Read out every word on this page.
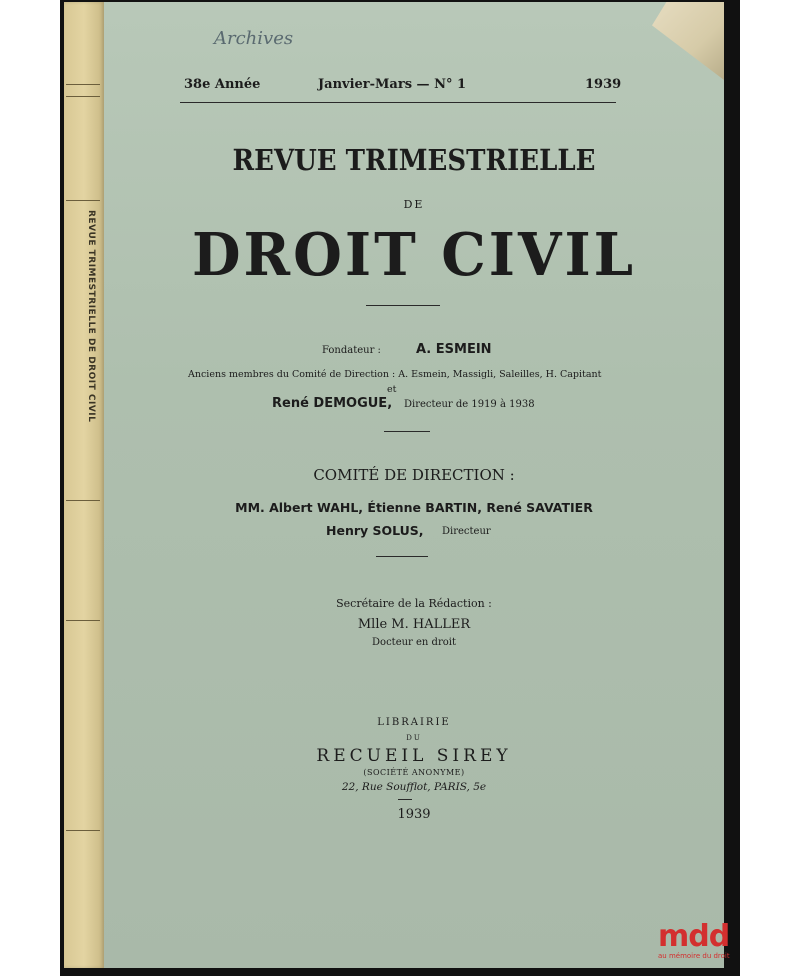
REVUE TRIMESTRIELLE DE DROIT CIVIL
Archives
38e Année	Janvier-Mars — N° 1	1939
REVUE TRIMESTRIELLE
DE
DROIT CIVIL
Fondateur :	A. ESMEIN
Anciens membres du Comité de Direction : A. Esmein, Massigli, Saleilles, H. Capitant
et
René DEMOGUE, Directeur de 1919 à 1938
COMITÉ DE DIRECTION :
MM. Albert WAHL, Étienne BARTIN, René SAVATIER
Henry SOLUS, Directeur
Secrétaire de la Rédaction :
Mlle M. HALLER
Docteur en droit
LIBRAIRIE
DU
RECUEIL SIREY
(SOCIÉTÉ ANONYME)
22, Rue Soufflot, PARIS, 5e
1939
mdd
au mémoire du droit
